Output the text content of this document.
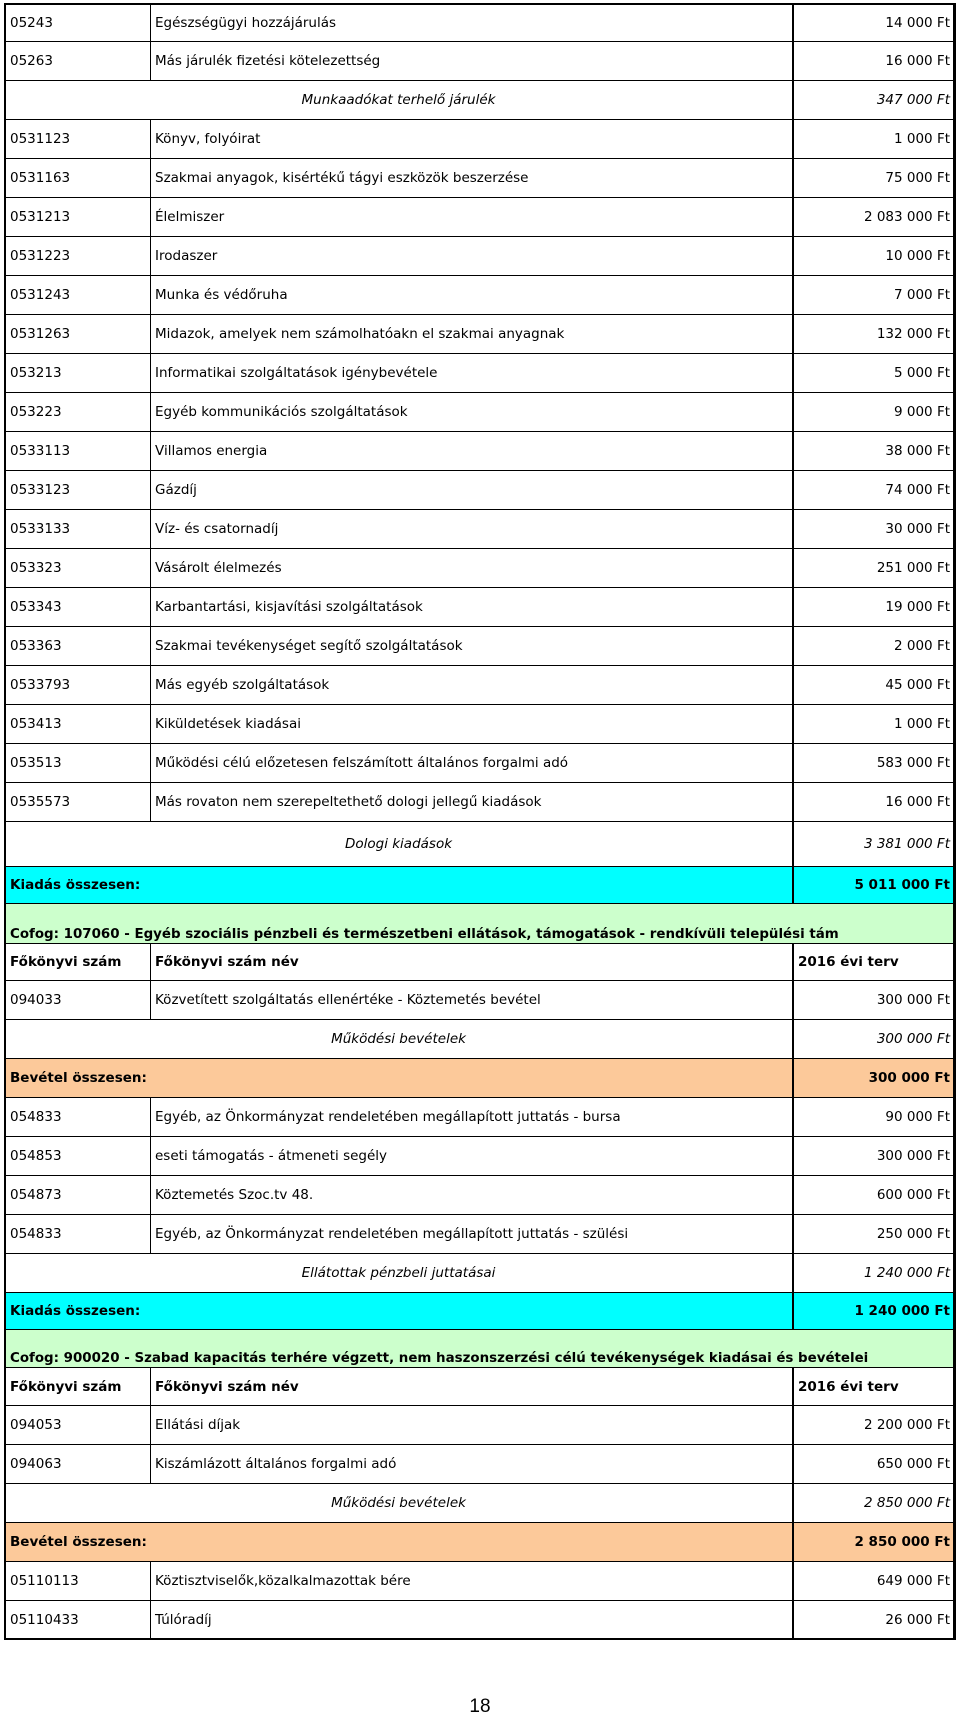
05243	Egészségügyi hozzájárulás	14 000 Ft
05263	Más járulék fizetési kötelezettség	16 000 Ft
Munkaadókat terhelő járulék	347 000 Ft
0531123	Könyv, folyóirat	1 000 Ft
0531163	Szakmai anyagok, kisértékű tágyi eszközök beszerzése	75 000 Ft
0531213	Élelmiszer	2 083 000 Ft
0531223	Irodaszer	10 000 Ft
0531243	Munka és védőruha	7 000 Ft
0531263	Midazok, amelyek nem számolhatóakn el szakmai anyagnak	132 000 Ft
053213	Informatikai szolgáltatások igénybevétele	5 000 Ft
053223	Egyéb kommunikációs szolgáltatások	9 000 Ft
0533113	Villamos energia	38 000 Ft
0533123	Gázdíj	74 000 Ft
0533133	Víz- és csatornadíj	30 000 Ft
053323	Vásárolt élelmezés	251 000 Ft
053343	Karbantartási, kisjavítási szolgáltatások	19 000 Ft
053363	Szakmai tevékenységet segítő szolgáltatások	2 000 Ft
0533793	Más egyéb szolgáltatások	45 000 Ft
053413	Kiküldetések kiadásai	1 000 Ft
053513	Működési célú előzetesen felszámított általános forgalmi adó	583 000 Ft
0535573	Más rovaton nem szerepeltethető dologi jellegű kiadások	16 000 Ft
Dologi kiadások	3 381 000 Ft
Kiadás összesen:	5 011 000 Ft
Cofog: 107060 - Egyéb szociális pénzbeli és természetbeni ellátások, támogatások - rendkívüli települési tám
Főkönyvi szám	Főkönyvi szám név	2016 évi terv
094033	Közvetített szolgáltatás ellenértéke - Köztemetés bevétel	300 000 Ft
Működési bevételek	300 000 Ft
Bevétel összesen:	300 000 Ft
054833	Egyéb, az Önkormányzat rendeletében megállapított juttatás - bursa	90 000 Ft
054853	eseti támogatás - átmeneti segély	300 000 Ft
054873	Köztemetés Szoc.tv 48.	600 000 Ft
054833	Egyéb, az Önkormányzat rendeletében megállapított juttatás - szülési	250 000 Ft
Ellátottak pénzbeli juttatásai	1 240 000 Ft
Kiadás összesen:	1 240 000 Ft
Cofog: 900020 - Szabad kapacitás terhére végzett, nem haszonszerzési célú tevékenységek kiadásai és bevételei
Főkönyvi szám	Főkönyvi szám név	2016 évi terv
094053	Ellátási díjak	2 200 000 Ft
094063	Kiszámlázott általános forgalmi adó	650 000 Ft
Működési bevételek	2 850 000 Ft
Bevétel összesen:	2 850 000 Ft
05110113	Köztisztviselők,közalkalmazottak bére	649 000 Ft
05110433	Túlóradíj	26 000 Ft
18
